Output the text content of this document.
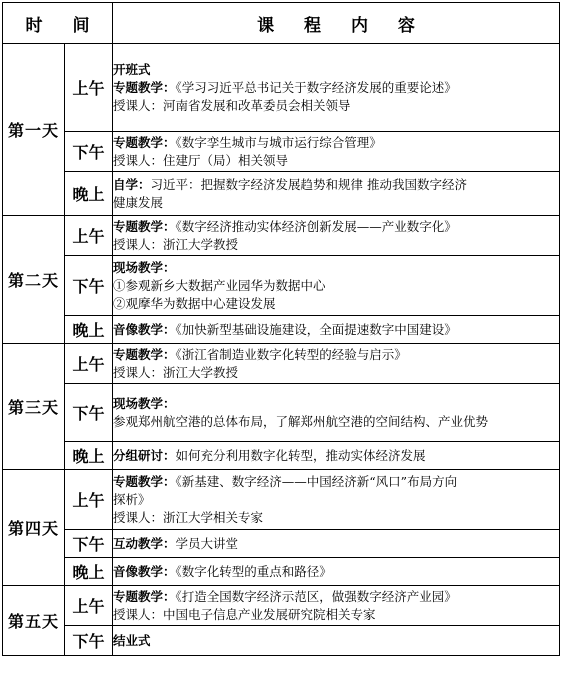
时 间		课 程 内 容
第一天	上午	开班式
专题教学：《学习习近平总书记关于数字经济发展的重要论述》
授课人：河南省发展和改革委员会相关领导

	下午	专题教学：《数字孪生城市与城市运行综合管理》
授课人：住建厅（局）相关领导

	晚上	自学：习近平：把握数字经济发展趋势和规律 推动我国数字经济
健康发展

第二天	上午	专题教学：《数字经济推动实体经济创新发展——产业数字化》
授课人：浙江大学教授

	下午	现场教学：
①参观新乡大数据产业园华为数据中心
②观摩华为数据中心建设发展

	晚上	音像教学：《加快新型基础设施建设，全面提速数字中国建设》

第三天	上午	专题教学：《浙江省制造业数字化转型的经验与启示》
授课人：浙江大学教授

	下午	现场教学：
参观郑州航空港的总体布局，了解郑州航空港的空间结构、产业优势

	晚上	分组研讨：如何充分利用数字化转型，推动实体经济发展

第四天	上午	专题教学：《新基建、数字经济——中国经济新“风口”布局方向
探析》
授课人：浙江大学相关专家

	下午	互动教学：学员大讲堂

	晚上	音像教学：《数字化转型的重点和路径》

第五天	上午	专题教学：《打造全国数字经济示范区，做强数字经济产业园》
授课人：中国电子信息产业发展研究院相关专家

	下午	结业式
